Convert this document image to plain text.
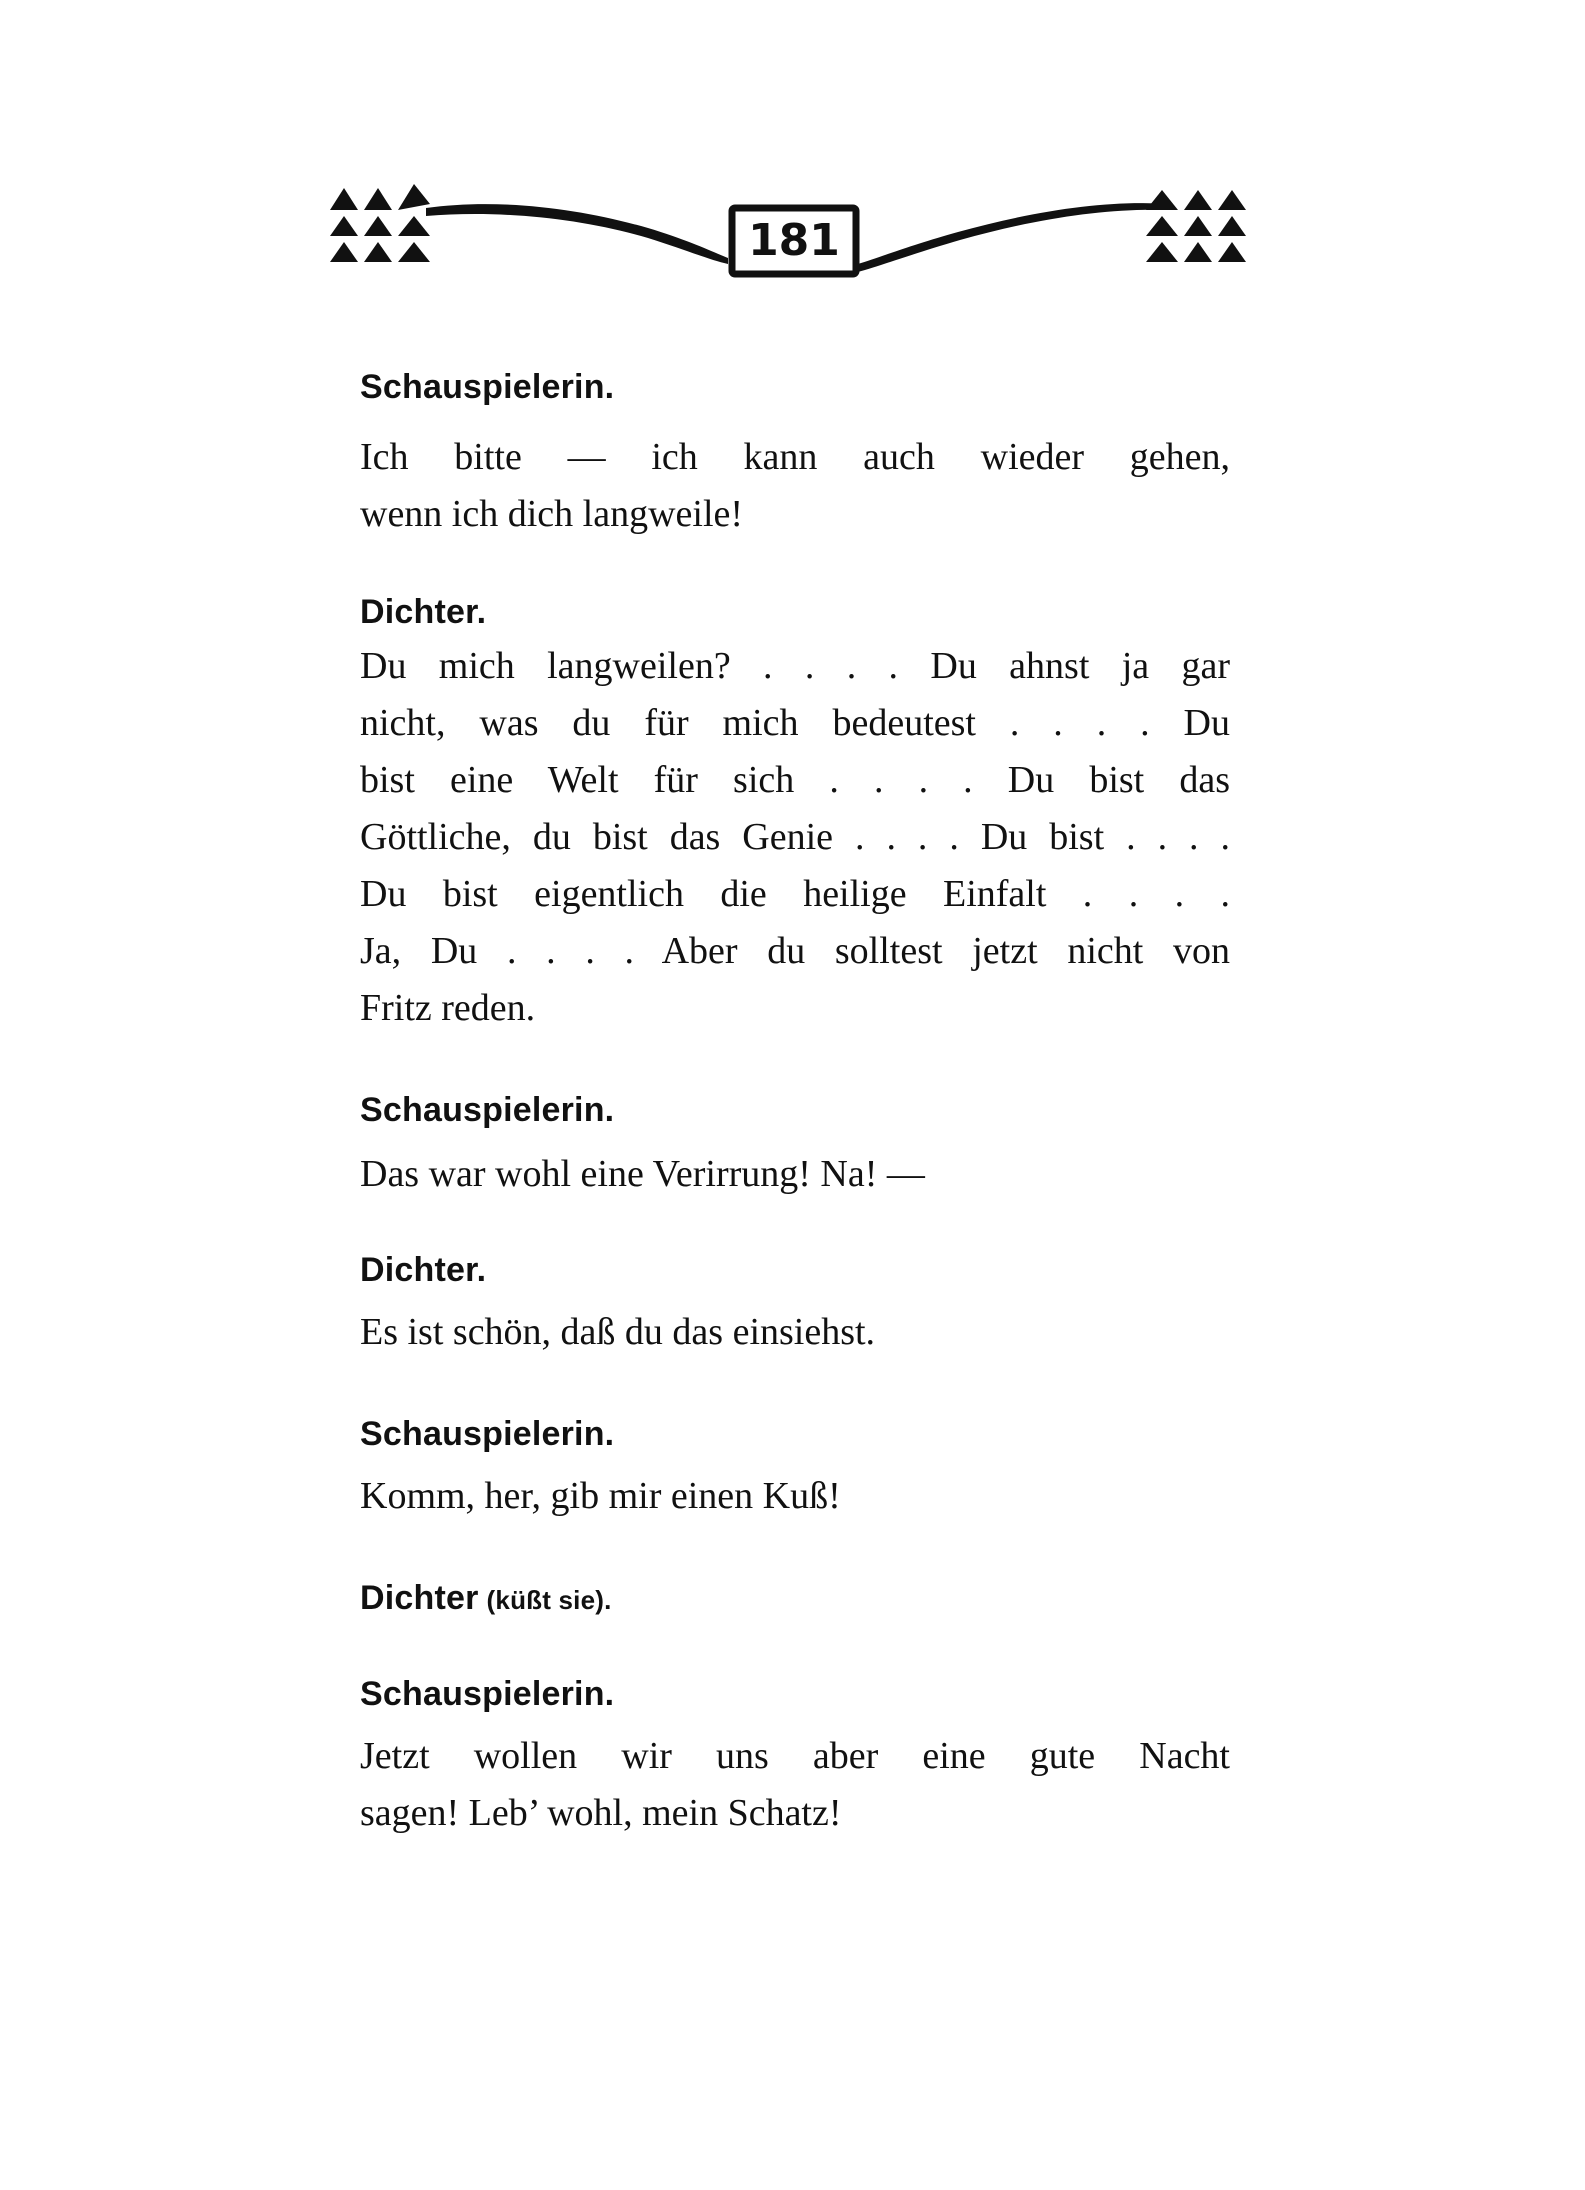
181

Schauspielerin.

Ich bitte — ich kann auch wieder gehen,

wenn ich dich langweile!

Dichter.

Du mich langweilen? . . . . Du ahnst ja gar

nicht, was du für mich bedeutest . . . . Du

bist eine Welt für sich . . . . Du bist das

Göttliche, du bist das Genie . . . . Du bist . . . .

Du bist eigentlich die heilige Einfalt . . . .

Ja, Du . . . . Aber du solltest jetzt nicht von

Fritz reden.

Schauspielerin.

Das war wohl eine Verirrung! Na! —

Dichter.

Es ist schön, daß du das einsiehst.

Schauspielerin.

Komm, her, gib mir einen Kuß!

Dichter (küßt sie).

Schauspielerin.

Jetzt wollen wir uns aber eine gute Nacht

sagen! Leb’ wohl, mein Schatz!
